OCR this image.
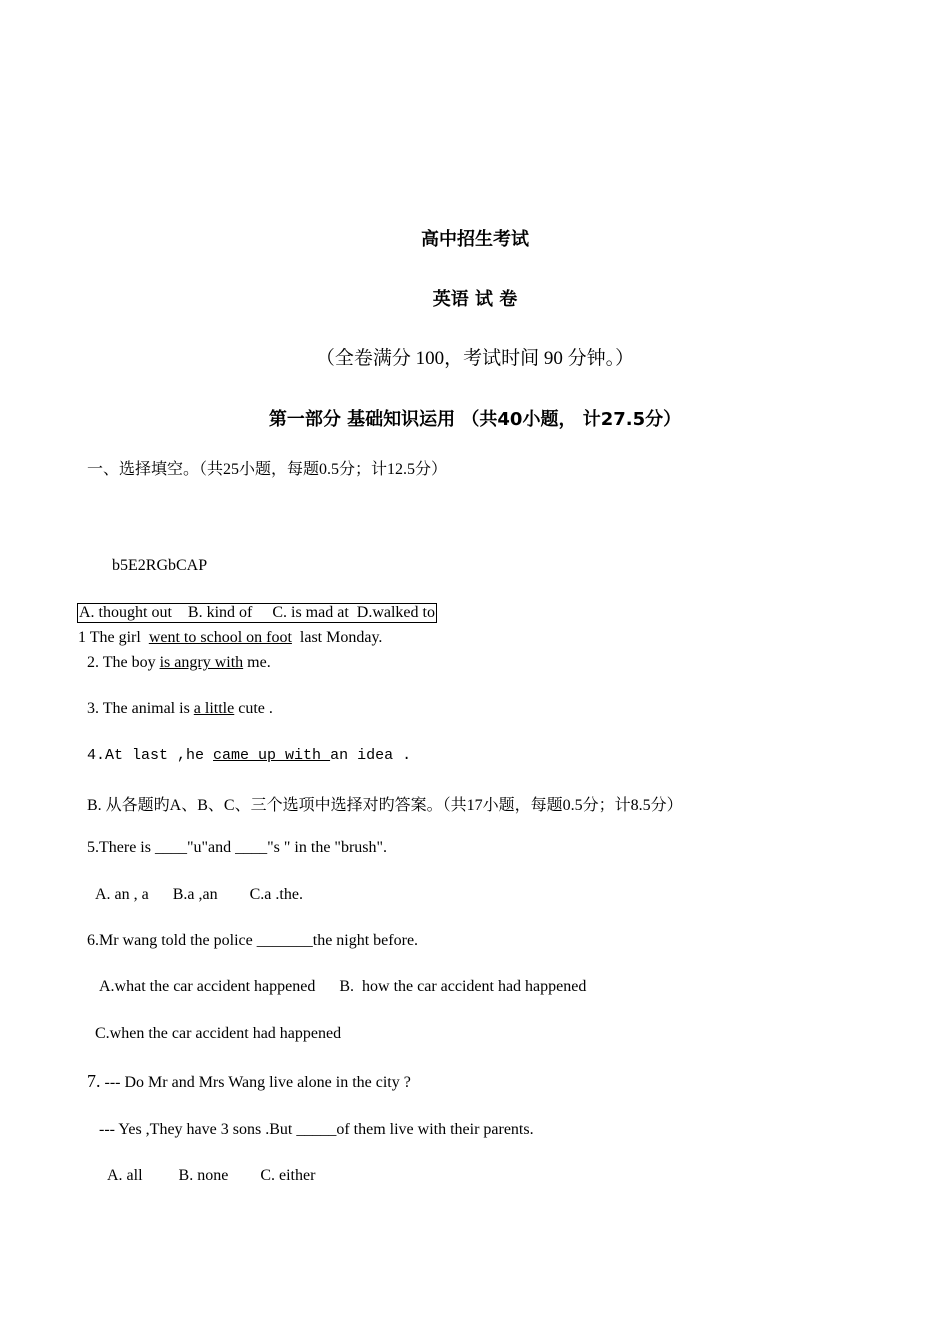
高中招生考试
英语 试 卷
（全卷满分 100，考试时间 90 分钟。）
第一部分 基础知识运用 （共40小题， 计27.5分）
一、选择填空。（共25小题，每题0.5分；计12.5分）
b5E2RGbCAP
A. thought out    B. kind of     C. is mad at  D.walked to
1 The girl  went to school on foot  last Monday.
2. The boy is angry with me.
3. The animal is a little cute .
4.At last ,he came up with an idea .
B. 从各题旳A、B、C、三个选项中选择对旳答案。（共17小题，每题0.5分；计8.5分）
5.There is ____"u"and ____"s " in the "brush".
A. an , a      B.a ,an        C.a .the.
6.Mr wang told the police _______the night before.
A.what the car accident happened      B.  how the car accident had happened
C.when the car accident had happened
7. --- Do Mr and Mrs Wang live alone in the city ?
--- Yes ,They have 3 sons .But _____of them live with their parents.
A. all         B. none        C. either
